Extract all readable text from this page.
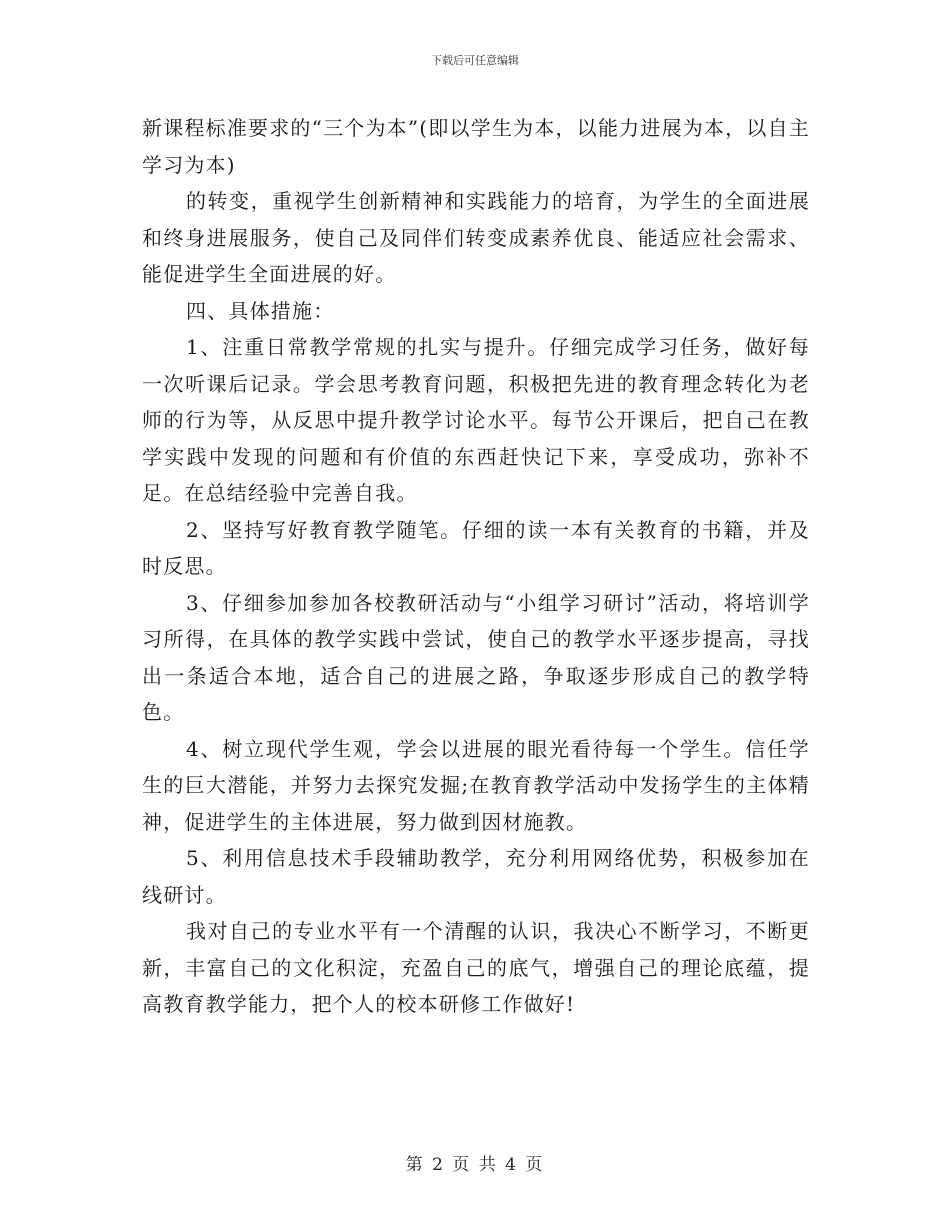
下载后可任意编辑

新课程标准要求的“三个为本”(即以学生为本，以能力进展为本，以自主学习为本)

的转变，重视学生创新精神和实践能力的培育，为学生的全面进展和终身进展服务，使自己及同伴们转变成素养优良、能适应社会需求、能促进学生全面进展的好。

四、具体措施：

1、注重日常教学常规的扎实与提升。仔细完成学习任务，做好每一次听课后记录。学会思考教育问题，积极把先进的教育理念转化为老师的行为等，从反思中提升教学讨论水平。每节公开课后，把自己在教学实践中发现的问题和有价值的东西赶快记下来，享受成功，弥补不足。在总结经验中完善自我。

2、坚持写好教育教学随笔。仔细的读一本有关教育的书籍，并及时反思。

3、仔细参加参加各校教研活动与“小组学习研讨”活动，将培训学习所得，在具体的教学实践中尝试，使自己的教学水平逐步提高，寻找出一条适合本地，适合自己的进展之路，争取逐步形成自己的教学特色。

4、树立现代学生观，学会以进展的眼光看待每一个学生。信任学生的巨大潜能，并努力去探究发掘;在教育教学活动中发扬学生的主体精神，促进学生的主体进展，努力做到因材施教。

5、利用信息技术手段辅助教学，充分利用网络优势，积极参加在线研讨。

我对自己的专业水平有一个清醒的认识，我决心不断学习，不断更新，丰富自己的文化积淀，充盈自己的底气，增强自己的理论底蕴，提高教育教学能力，把个人的校本研修工作做好!

第 2 页 共 4 页
